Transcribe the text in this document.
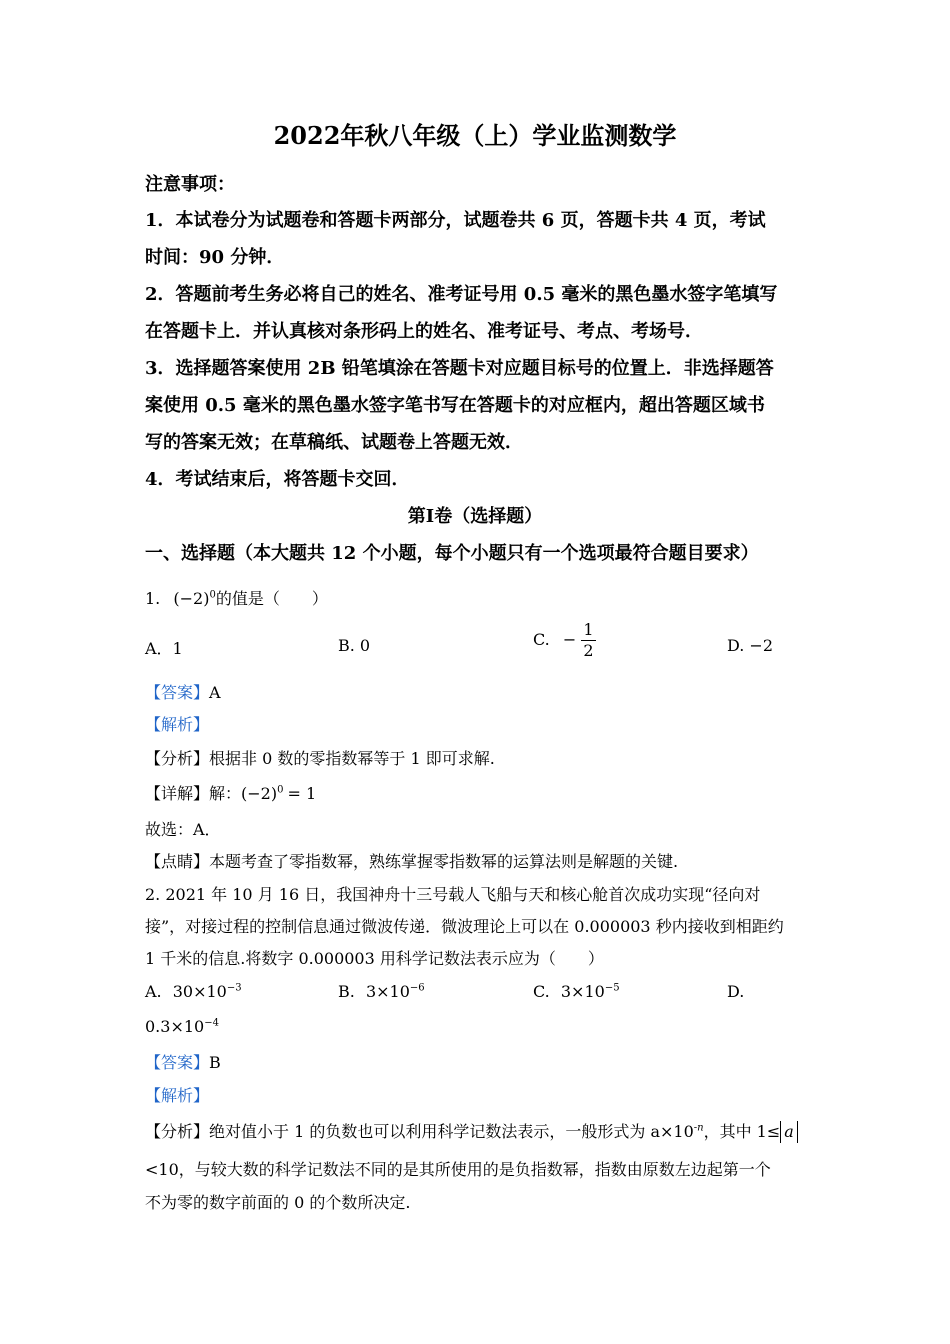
2022年秋八年级（上）学业监测数学
注意事项：
1．本试卷分为试题卷和答题卡两部分，试题卷共 6 页，答题卡共 4 页，考试
时间：90 分钟．
2．答题前考生务必将自己的姓名、准考证号用 0.5 毫米的黑色墨水签字笔填写
在答题卡上．并认真核对条形码上的姓名、准考证号、考点、考场号．
3．选择题答案使用 2B 铅笔填涂在答题卡对应题目标号的位置上．非选择题答
案使用 0.5 毫米的黑色墨水签字笔书写在答题卡的对应框内，超出答题区域书
写的答案无效；在草稿纸、试题卷上答题无效．
4．考试结束后，将答题卡交回．
第Ⅰ卷（选择题）
一、选择题（本大题共 12 个小题，每个小题只有一个选项最符合题目要求）
1. $(-2)^0$的值是（　　）
A．1	B. 0	C. − $\frac{1}{2}$	D. −2
【答案】A
【解析】
【分析】根据非 0 数的零指数幂等于 1 即可求解.
【详解】解：$(-2)^0 = 1$
故选：A．
【点睛】本题考查了零指数幂，熟练掌握零指数幂的运算法则是解题的关键.
2. 2021 年 10 月 16 日，我国神舟十三号载人飞船与天和核心舱首次成功实现“径向对
接”，对接过程的控制信息通过微波传递．微波理论上可以在 0.000003 秒内接收到相距约
1 千米的信息.将数字 0.000003 用科学记数法表示应为（　　）
A. $30\times 10^{-3}$	B. $3\times 10^{-6}$	C. $3\times 10^{-5}$	D.
$0.3\times 10^{-4}$
【答案】B
【解析】
【分析】绝对值小于 1 的负数也可以利用科学记数法表示，一般形式为 $a\times 10^{-n}$，其中 1≤ a
<10，与较大数的科学记数法不同的是其所使用的是负指数幂，指数由原数左边起第一个
不为零的数字前面的 0 的个数所决定.
